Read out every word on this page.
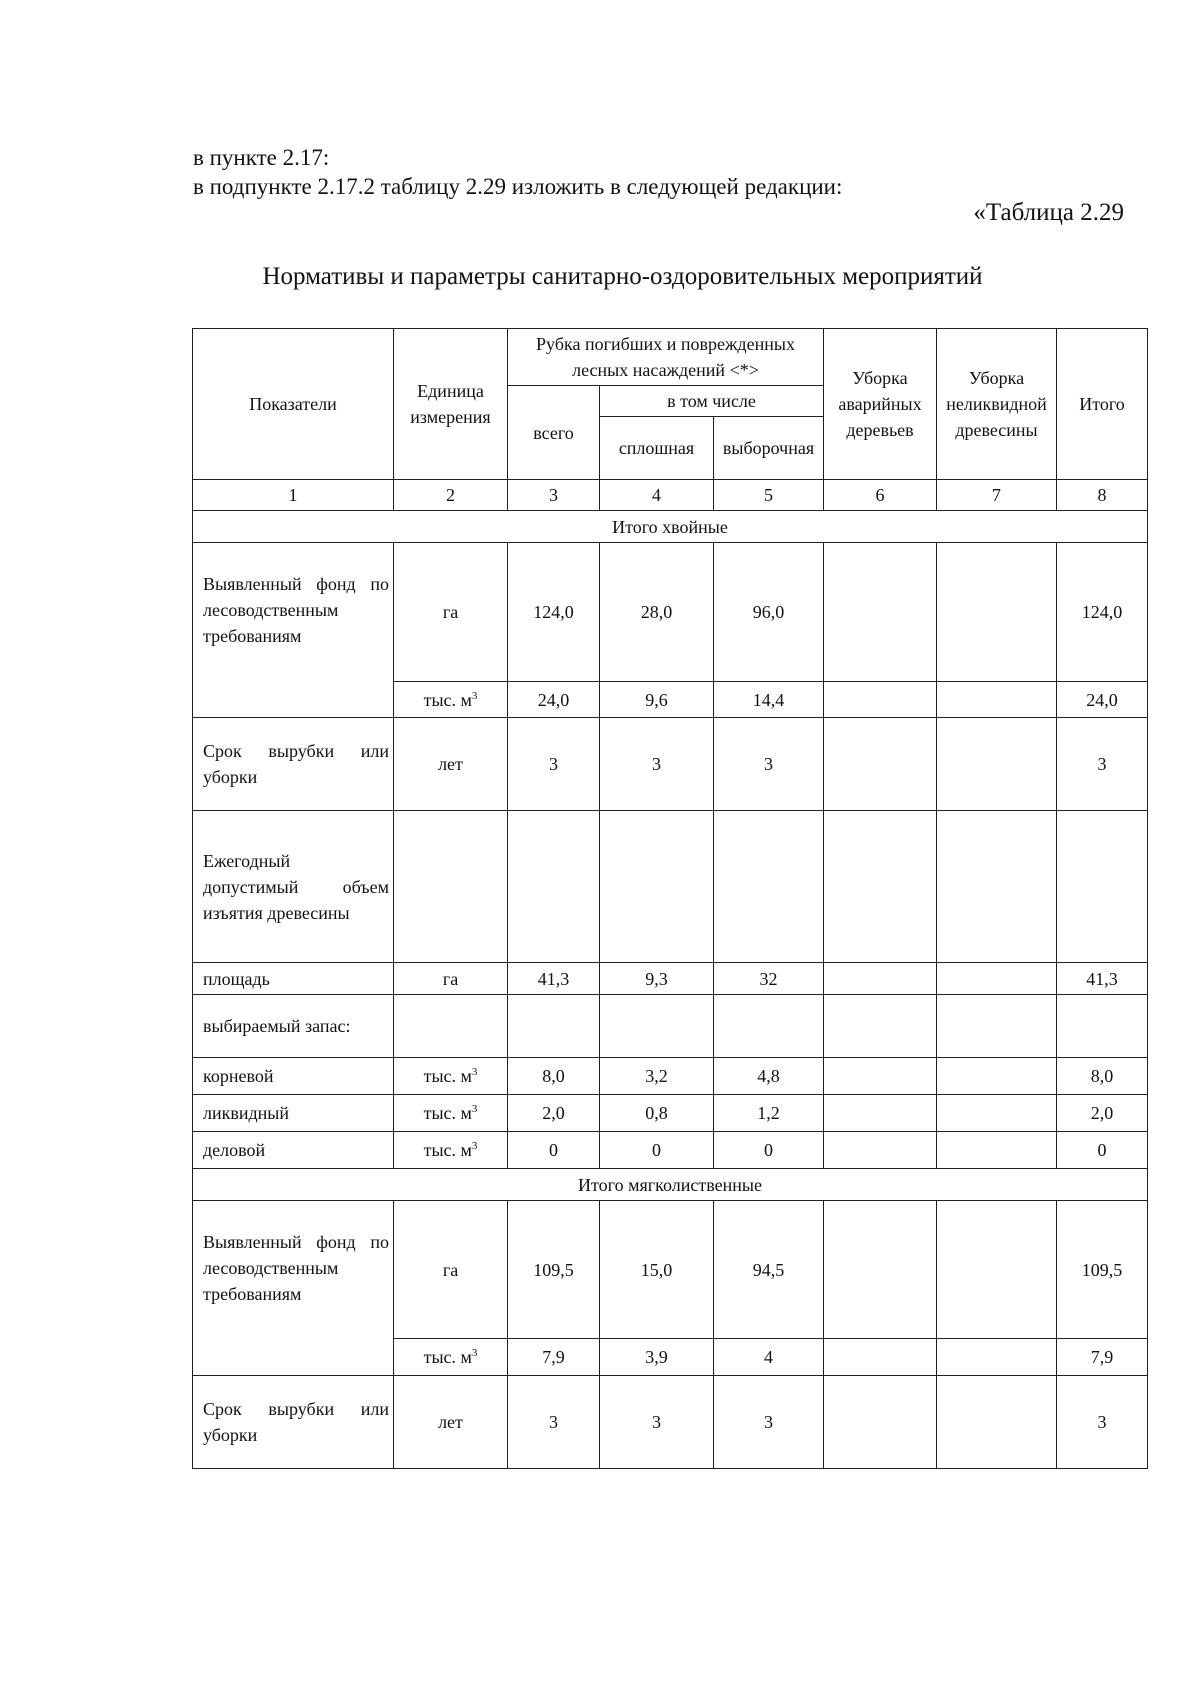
в пункте 2.17:
в подпункте 2.17.2 таблицу 2.29 изложить в следующей редакции:
«Таблица 2.29
Нормативы и параметры санитарно-оздоровительных мероприятий
Показатели	Единица измерения	Рубка погибших и поврежденных лесных насаждений <*>			Уборка аварийных деревьев	Уборка неликвидной древесины	Итого
		всего	в том числе				
			сплошная	выборочная			
1	2	3	4	5	6	7	8
Итого хвойные							
Выявленный фонд по лесоводственным требованиям	га	124,0	28,0	96,0			124,0
	тыс. $м^3$	24,0	9,6	14,4			24,0
Срок вырубки или уборки	лет	3	3	3			3
Ежегодный допустимый объем изъятия древесины							
площадь	га	41,3	9,3	32			41,3
выбираемый запас:							
корневой	тыс. $м^3$	8,0	3,2	4,8			8,0
ликвидный	тыс. $м^3$	2,0	0,8	1,2			2,0
деловой	тыс. $м^3$	0	0	0			0
Итого мягколиственные							
Выявленный фонд по лесоводственным требованиям	га	109,5	15,0	94,5			109,5
	тыс. $м^3$	7,9	3,9	4			7,9
Срок вырубки или уборки	лет	3	3	3			3
